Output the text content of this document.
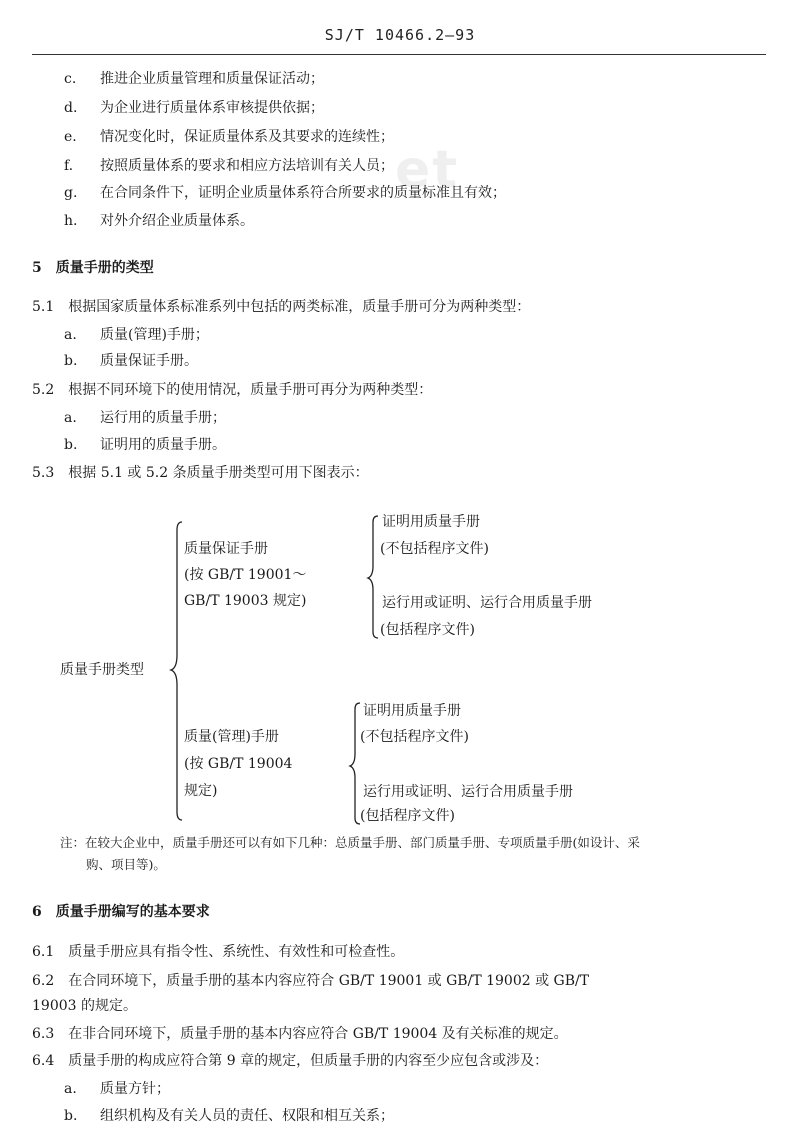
SJ/T 10466.2—93
et
c. 推进企业质量管理和质量保证活动；
d. 为企业进行质量体系审核提供依据；
e. 情况变化时，保证质量体系及其要求的连续性；
f. 按照质量体系的要求和相应方法培训有关人员；
g. 在合同条件下，证明企业质量体系符合所要求的质量标准且有效；
h. 对外介绍企业质量体系。
5　质量手册的类型
5.1　根据国家质量体系标准系列中包括的两类标准，质量手册可分为两种类型：
a. 质量(管理)手册；
b. 质量保证手册。
5.2　根据不同环境下的使用情况，质量手册可再分为两种类型：
a. 运行用的质量手册；
b. 证明用的质量手册。
5.3　根据 5.1 或 5.2 条质量手册类型可用下图表示：
质量手册类型
质量保证手册
(按 GB/T 19001～
GB/T 19003 规定)
证明用质量手册
(不包括程序文件)
运行用或证明、运行合用质量手册
(包括程序文件)
质量(管理)手册
(按 GB/T 19004
规定)
证明用质量手册
(不包括程序文件)
运行用或证明、运行合用质量手册
(包括程序文件)
注：在较大企业中，质量手册还可以有如下几种：总质量手册、部门质量手册、专项质量手册(如设计、采
购、项目等)。
6　质量手册编写的基本要求
6.1　质量手册应具有指令性、系统性、有效性和可检查性。
6.2　在合同环境下，质量手册的基本内容应符合 GB/T 19001 或 GB/T 19002 或 GB/T
19003 的规定。
6.3　在非合同环境下，质量手册的基本内容应符合 GB/T 19004 及有关标准的规定。
6.4　质量手册的构成应符合第 9 章的规定，但质量手册的内容至少应包含或涉及：
a. 质量方针；
b. 组织机构及有关人员的责任、权限和相互关系；
